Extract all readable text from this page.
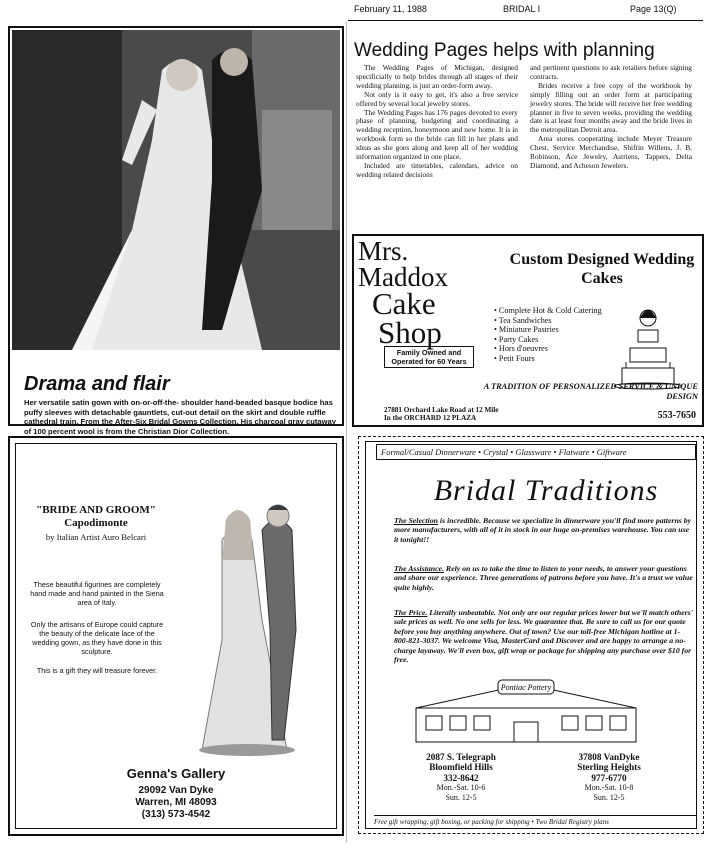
February 11, 1988	BRIDAL I	Page 13(Q)
Drama and flair
Her versatile satin gown with on-or-off-the- shoulder hand-beaded basque bodice has puffy sleeves with detachable gauntlets, cut-out detail on the skirt and double ruffle cathedral train. From the After-Six Bridal Gowns Collection. His charcoal gray cutaway of 100 percent wool is from the Christian Dior Collection.
Wedding Pages helps with planning

The Wedding Pages of Michigan, designed specificially to help brides through all stages of their wedding planning, is just an order-form away.

Not only is it easy to get, it's also a free service offered by several local jewelry stores.

The Wedding Pages has 176 pages devoted to every phase of planning, budgeting and coordinating a wedding reception, honeymoon and new home. It is in workbook form so the bride can fill in her plans and ideas as she goes along and keep all of her wedding information organized in one place.

Included are timetables, calendars, advice on wedding related decisions

and pertinent questions to ask retailers before signing contracts.

Brides receive a free copy of the workbook by simply filling out an order form at participating jewelry stores. The bride will receive her free wedding planner in five to seven weeks, providing the wedding date is at least four months away and the bride lives in the metropolitan Detroit area.

Area stores cooperating include Meyer Treasure Chest, Service Merchandise, Shifrin Willens, J. B. Robinson, Ace Jewelry, Astriens, Tappers, Delta Diamond, and Acheson Jewelers.

Mrs.
Maddox
Cake
Shop
Family Owned and Operated for 60 Years
Custom Designed Wedding Cakes
• Complete Hot & Cold Catering
• Tea Sandwiches
• Miniature Pastries
• Party Cakes
• Hors d'oeuvres
• Petit Fours
A TRADITION OF PERSONALIZED SERVICE & UNIQUE DESIGN
27881 Orchard Lake Road at 12 Mile
In the ORCHARD 12 PLAZA	553-7650
"BRIDE AND GROOM" Capodimonte
by Italian Artist Auro Belcari
These beautiful figurines are completely hand made and hand painted in the Siena area of Italy.
Only the artisans of Europe could capture the beauty of the delicate lace of the wedding gown, as they have done in this sculpture.
This is a gift they will treasure forever.
Genna's Gallery
29092 Van Dyke
Warren, MI 48093
(313) 573-4542
Formal/Casual Dinnerware • Crystal • Glassware • Flatware • Giftware
Bridal Traditions
The Selection is incredible. Because we specialize in dinnerware you'll find more patterns by more manufacturers, with all of it in stock in our huge on-premises warehouse. You can use it tonight!!
The Assistance. Rely on us to take the time to listen to your needs, to answer your questions and share our experience. Three generations of patrons before you have. It's a trust we value quite highly.
The Price. Literally unbeatable. Not only are our regular prices lower but we'll match others' sale prices as well. No one sells for less. We guarantee that. Be sure to call us for our quote before you buy anything anywhere. Out of town? Use our toll-free Michigan hotline at 1-800-821-3037. We welcome Visa, MasterCard and Discover and are happy to arrange a no-charge layaway. We'll even box, gift wrap or package for shipping any purchase over $10 for free.
Pontiac Pottery
2087 S. Telegraph
Bloomfield Hills
332-8642
Mon.-Sat. 10-6
Sun. 12-5
37808 VanDyke
Sterling Heights
977-6770
Mon.-Sat. 10-8
Sun. 12-5
Free gift wrapping, gift boxing, or packing for shipping • Two Bridal Registry plans
